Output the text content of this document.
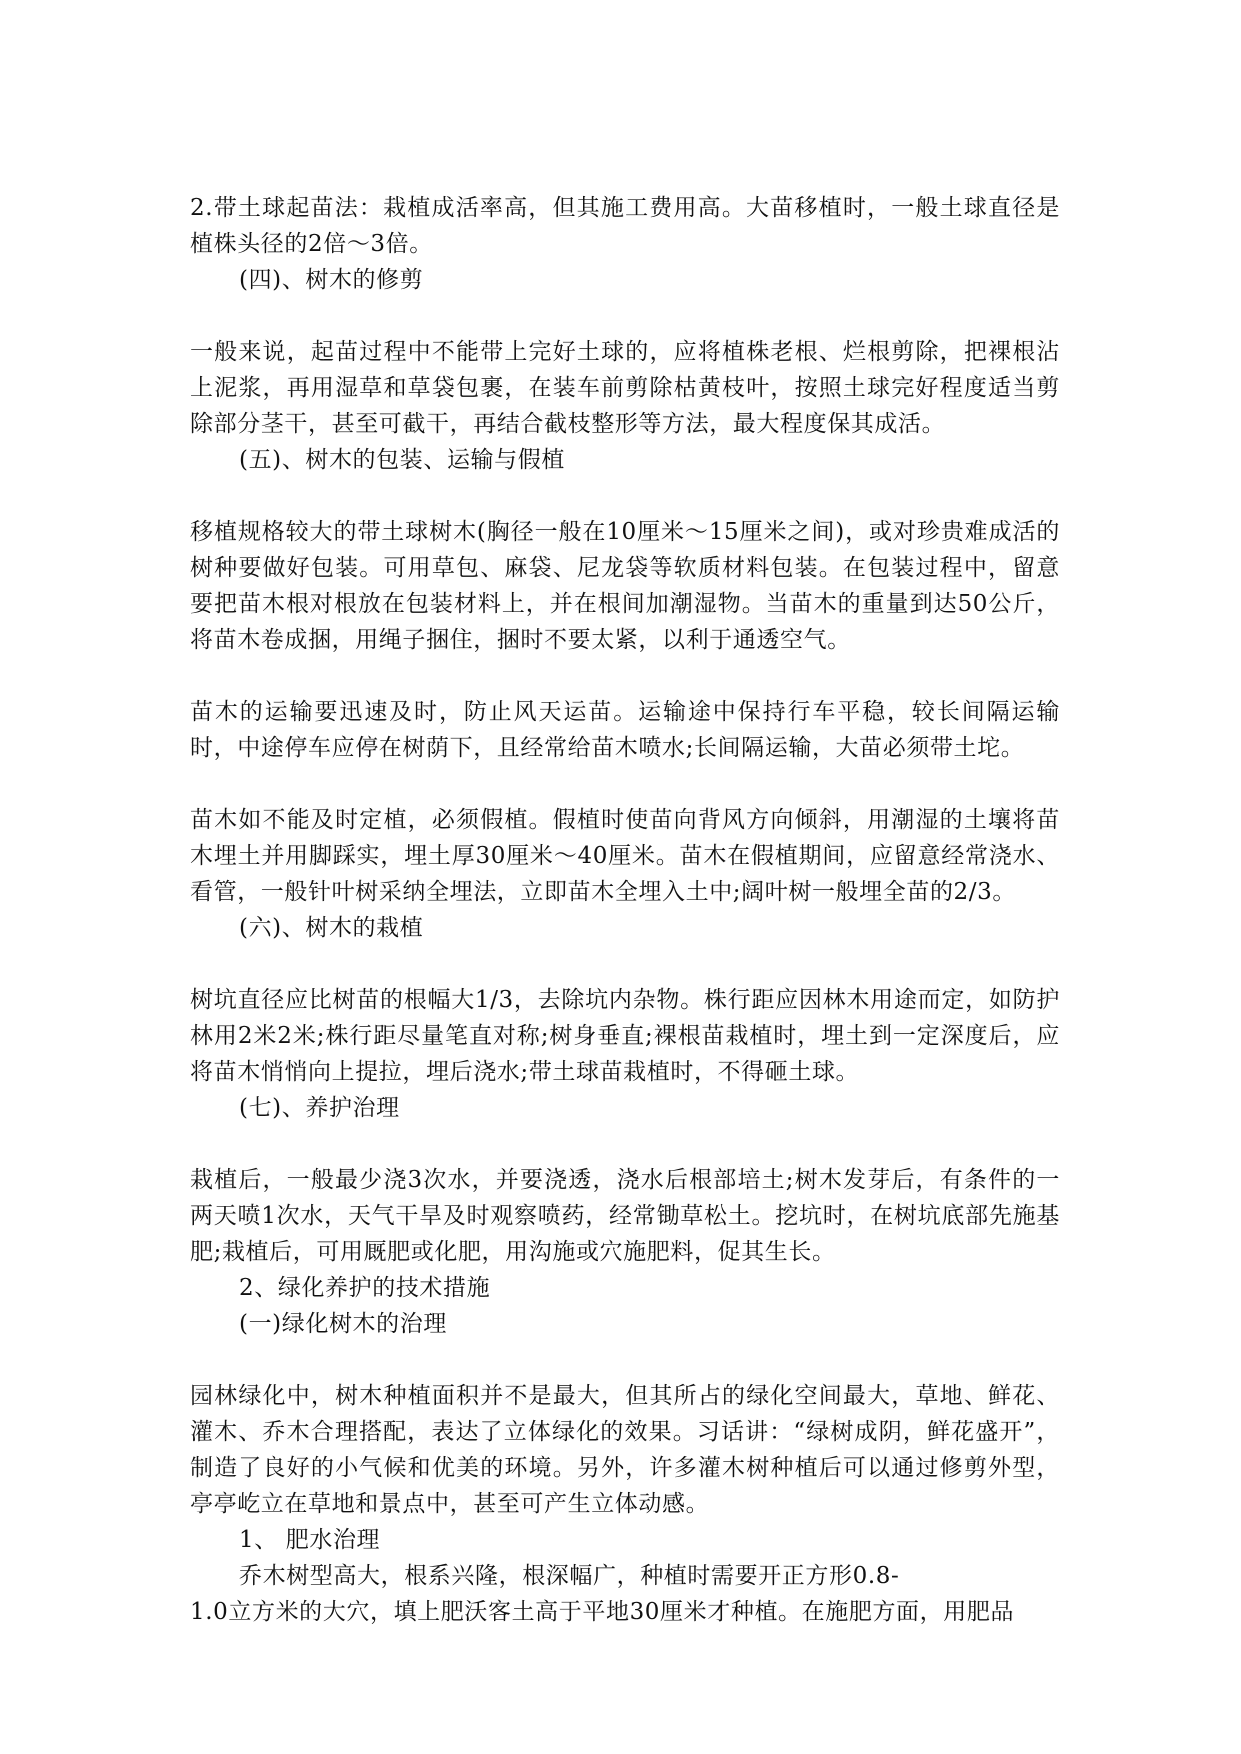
2.带土球起苗法：栽植成活率高，但其施工费用高。大苗移植时，一般土球直径是植株头径的2倍～3倍。

(四)、树木的修剪

一般来说，起苗过程中不能带上完好土球的，应将植株老根、烂根剪除，把裸根沾上泥浆，再用湿草和草袋包裹，在装车前剪除枯黄枝叶，按照土球完好程度适当剪除部分茎干，甚至可截干，再结合截枝整形等方法，最大程度保其成活。

(五)、树木的包装、运输与假植

移植规格较大的带土球树木(胸径一般在10厘米～15厘米之间)，或对珍贵难成活的树种要做好包装。可用草包、麻袋、尼龙袋等软质材料包装。在包装过程中，留意要把苗木根对根放在包装材料上，并在根间加潮湿物。当苗木的重量到达50公斤，将苗木卷成捆，用绳子捆住，捆时不要太紧，以利于通透空气。

苗木的运输要迅速及时，防止风天运苗。运输途中保持行车平稳，较长间隔运输时，中途停车应停在树荫下，且经常给苗木喷水;长间隔运输，大苗必须带土坨。

苗木如不能及时定植，必须假植。假植时使苗向背风方向倾斜，用潮湿的土壤将苗木埋土并用脚踩实，埋土厚30厘米～40厘米。苗木在假植期间，应留意经常浇水、看管，一般针叶树采纳全埋法，立即苗木全埋入土中;阔叶树一般埋全苗的2/3。

(六)、树木的栽植

树坑直径应比树苗的根幅大1/3，去除坑内杂物。株行距应因林木用途而定，如防护林用2米2米;株行距尽量笔直对称;树身垂直;裸根苗栽植时，埋土到一定深度后，应将苗木悄悄向上提拉，埋后浇水;带土球苗栽植时，不得砸土球。

(七)、养护治理

栽植后，一般最少浇3次水，并要浇透，浇水后根部培土;树木发芽后，有条件的一两天喷1次水，天气干旱及时观察喷药，经常锄草松土。挖坑时，在树坑底部先施基肥;栽植后，可用厩肥或化肥，用沟施或穴施肥料，促其生长。

2、绿化养护的技术措施

(一)绿化树木的治理

园林绿化中，树木种植面积并不是最大，但其所占的绿化空间最大，草地、鲜花、灌木、乔木合理搭配，表达了立体绿化的效果。习话讲：“绿树成阴，鲜花盛开”，制造了良好的小气候和优美的环境。另外，许多灌木树种植后可以通过修剪外型，亭亭屹立在草地和景点中，甚至可产生立体动感。

1、 肥水治理

乔木树型高大，根系兴隆，根深幅广，种植时需要开正方形0.8-

1.0立方米的大穴，填上肥沃客土高于平地30厘米才种植。在施肥方面，用肥品
